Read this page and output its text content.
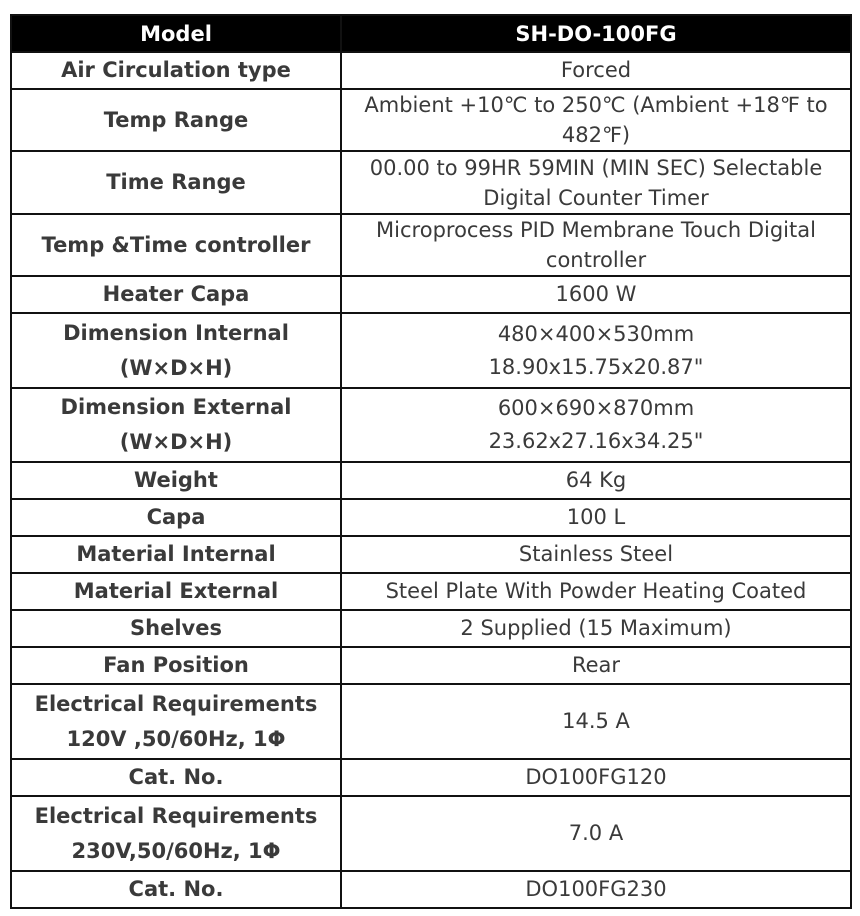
Model	SH-DO-100FG

Air Circulation type	Forced

Temp Range	Ambient +10℃ to 250℃ (Ambient +18℉ to 482℉)

Time Range	00.00 to 99HR 59MIN (MIN SEC) Selectable Digital Counter Timer

Temp &Time controller	Microprocess PID Membrane Touch Digital controller

Heater Capa	1600 W

Dimension Internal
(W×D×H)	480×400×530mm
18.90x15.75x20.87"

Dimension External
(W×D×H)	600×690×870mm
23.62x27.16x34.25"

Weight	64 Kg

Capa	100 L

Material Internal	Stainless Steel

Material External	Steel Plate With Powder Heating Coated

Shelves	2 Supplied (15 Maximum)

Fan Position	Rear

Electrical Requirements
120V ,50/60Hz, 1Φ	14.5 A

Cat. No.	DO100FG120

Electrical Requirements
230V,50/60Hz, 1Φ	7.0 A

Cat. No.	DO100FG230
